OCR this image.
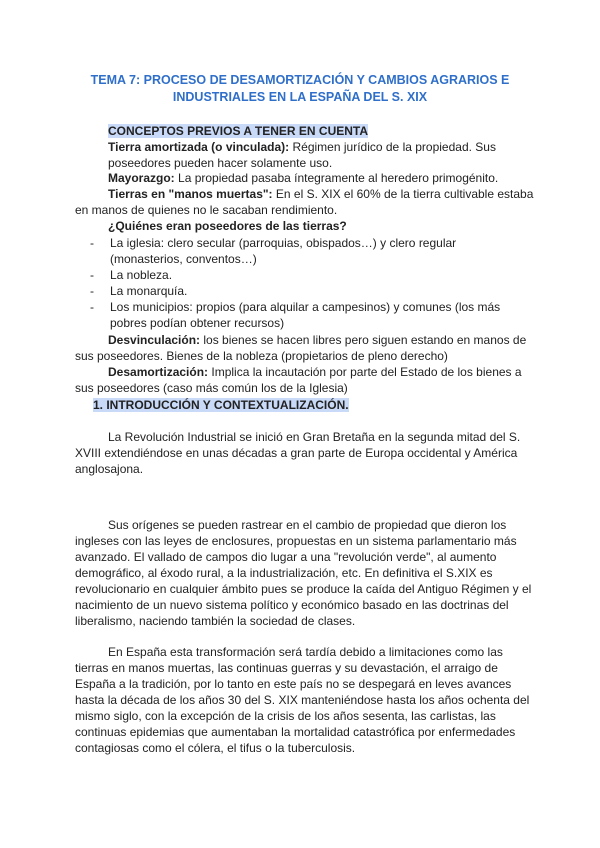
TEMA 7: PROCESO DE DESAMORTIZACIÓN Y CAMBIOS AGRARIOS E INDUSTRIALES EN LA ESPAÑA DEL S. XIX
CONCEPTOS PREVIOS A TENER EN CUENTA
Tierra amortizada (o vinculada): Régimen jurídico de la propiedad. Sus poseedores pueden hacer solamente uso.
Mayorazgo: La propiedad pasaba íntegramente al heredero primogénito.
Tierras en "manos muertas": En el S. XIX el 60% de la tierra cultivable estaba en manos de quienes no le sacaban rendimiento.
¿Quiénes eran poseedores de las tierras?
- La iglesia: clero secular (parroquias, obispados…) y clero regular (monasterios, conventos…)
- La nobleza.
- La monarquía.
- Los municipios: propios (para alquilar a campesinos) y comunes (los más pobres podían obtener recursos)
Desvinculación: los bienes se hacen libres pero siguen estando en manos de sus poseedores. Bienes de la nobleza (propietarios de pleno derecho)
Desamortización: Implica la incautación por parte del Estado de los bienes a sus poseedores (caso más común los de la Iglesia)
1. INTRODUCCIÓN Y CONTEXTUALIZACIÓN.
La Revolución Industrial se inició en Gran Bretaña en la segunda mitad del S. XVIII extendiéndose en unas décadas a gran parte de Europa occidental y América anglosajona.
Sus orígenes se pueden rastrear en el cambio de propiedad que dieron los ingleses con las leyes de enclosures, propuestas en un sistema parlamentario más avanzado. El vallado de campos dio lugar a una "revolución verde", al aumento demográfico, al éxodo rural, a la industrialización, etc. En definitiva el S.XIX es revolucionario en cualquier ámbito pues se produce la caída del Antiguo Régimen y el nacimiento de un nuevo sistema político y económico basado en las doctrinas del liberalismo, naciendo también la sociedad de clases.
En España esta transformación será tardía debido a limitaciones como las tierras en manos muertas, las continuas guerras y su devastación, el arraigo de España a la tradición, por lo tanto en este país no se despegará en leves avances hasta la década de los años 30 del S. XIX manteniéndose hasta los años ochenta del mismo siglo, con la excepción de la crisis de los años sesenta, las carlistas, las continuas epidemias que aumentaban la mortalidad catastrófica por enfermedades contagiosas como el cólera, el tifus o la tuberculosis.
